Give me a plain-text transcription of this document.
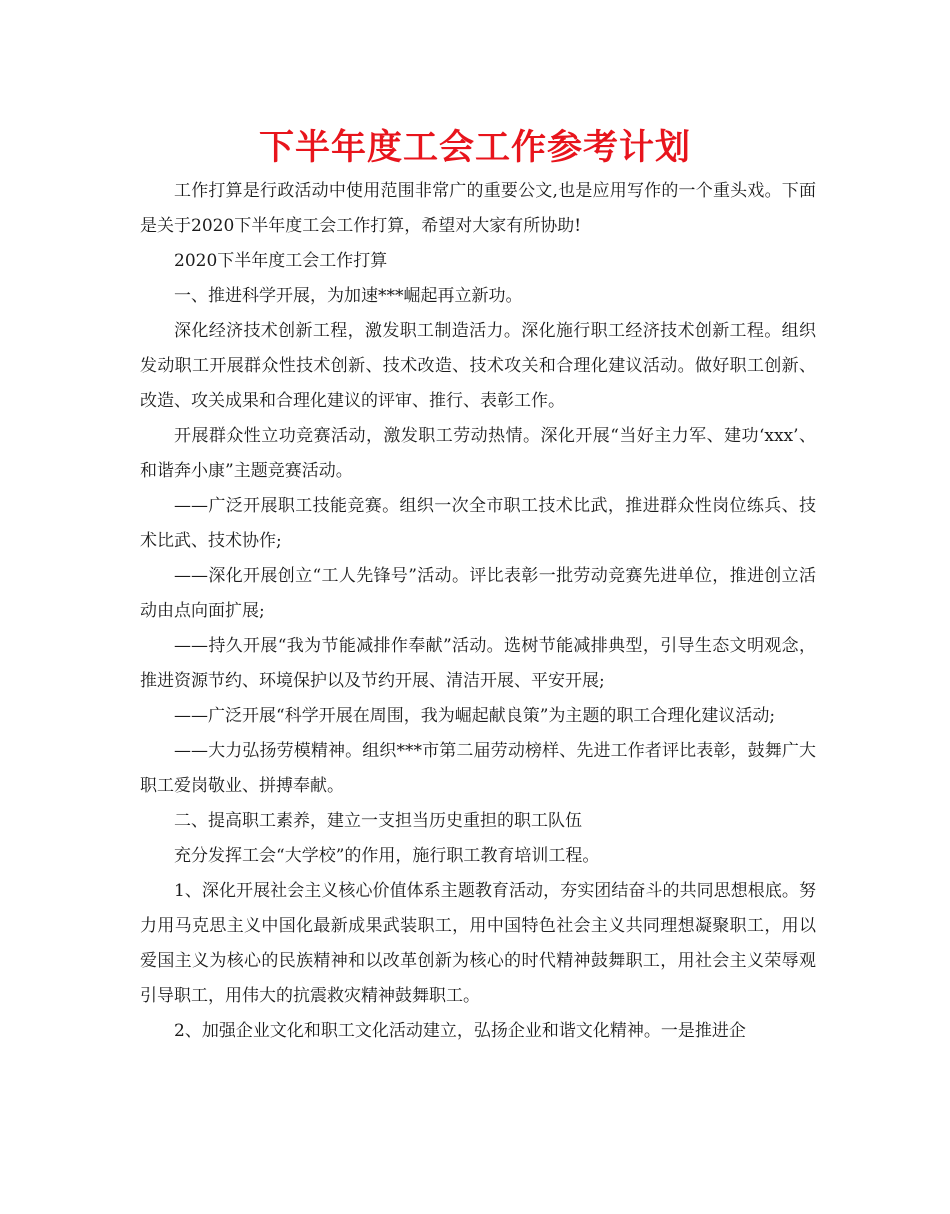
下半年度工会工作参考计划

工作打算是行政活动中使用范围非常广的重要公文,也是应用写作的一个重头戏。下面是关于2020下半年度工会工作打算，希望对大家有所协助!

2020下半年度工会工作打算

一、推进科学开展，为加速***崛起再立新功。

深化经济技术创新工程，激发职工制造活力。深化施行职工经济技术创新工程。组织发动职工开展群众性技术创新、技术改造、技术攻关和合理化建议活动。做好职工创新、改造、攻关成果和合理化建议的评审、推行、表彰工作。

开展群众性立功竞赛活动，激发职工劳动热情。深化开展“当好主力军、建功‘xxx’、和谐奔小康”主题竞赛活动。

——广泛开展职工技能竞赛。组织一次全市职工技术比武，推进群众性岗位练兵、技术比武、技术协作;

——深化开展创立“工人先锋号”活动。评比表彰一批劳动竞赛先进单位，推进创立活动由点向面扩展;

——持久开展“我为节能减排作奉献”活动。选树节能减排典型，引导生态文明观念，推进资源节约、环境保护以及节约开展、清洁开展、平安开展;

——广泛开展“科学开展在周围，我为崛起献良策”为主题的职工合理化建议活动;

——大力弘扬劳模精神。组织***市第二届劳动榜样、先进工作者评比表彰，鼓舞广大职工爱岗敬业、拼搏奉献。

二、提高职工素养，建立一支担当历史重担的职工队伍

充分发挥工会“大学校”的作用，施行职工教育培训工程。

1、深化开展社会主义核心价值体系主题教育活动，夯实团结奋斗的共同思想根底。努力用马克思主义中国化最新成果武装职工，用中国特色社会主义共同理想凝聚职工，用以爱国主义为核心的民族精神和以改革创新为核心的时代精神鼓舞职工，用社会主义荣辱观引导职工，用伟大的抗震救灾精神鼓舞职工。

2、加强企业文化和职工文化活动建立，弘扬企业和谐文化精神。一是推进企
